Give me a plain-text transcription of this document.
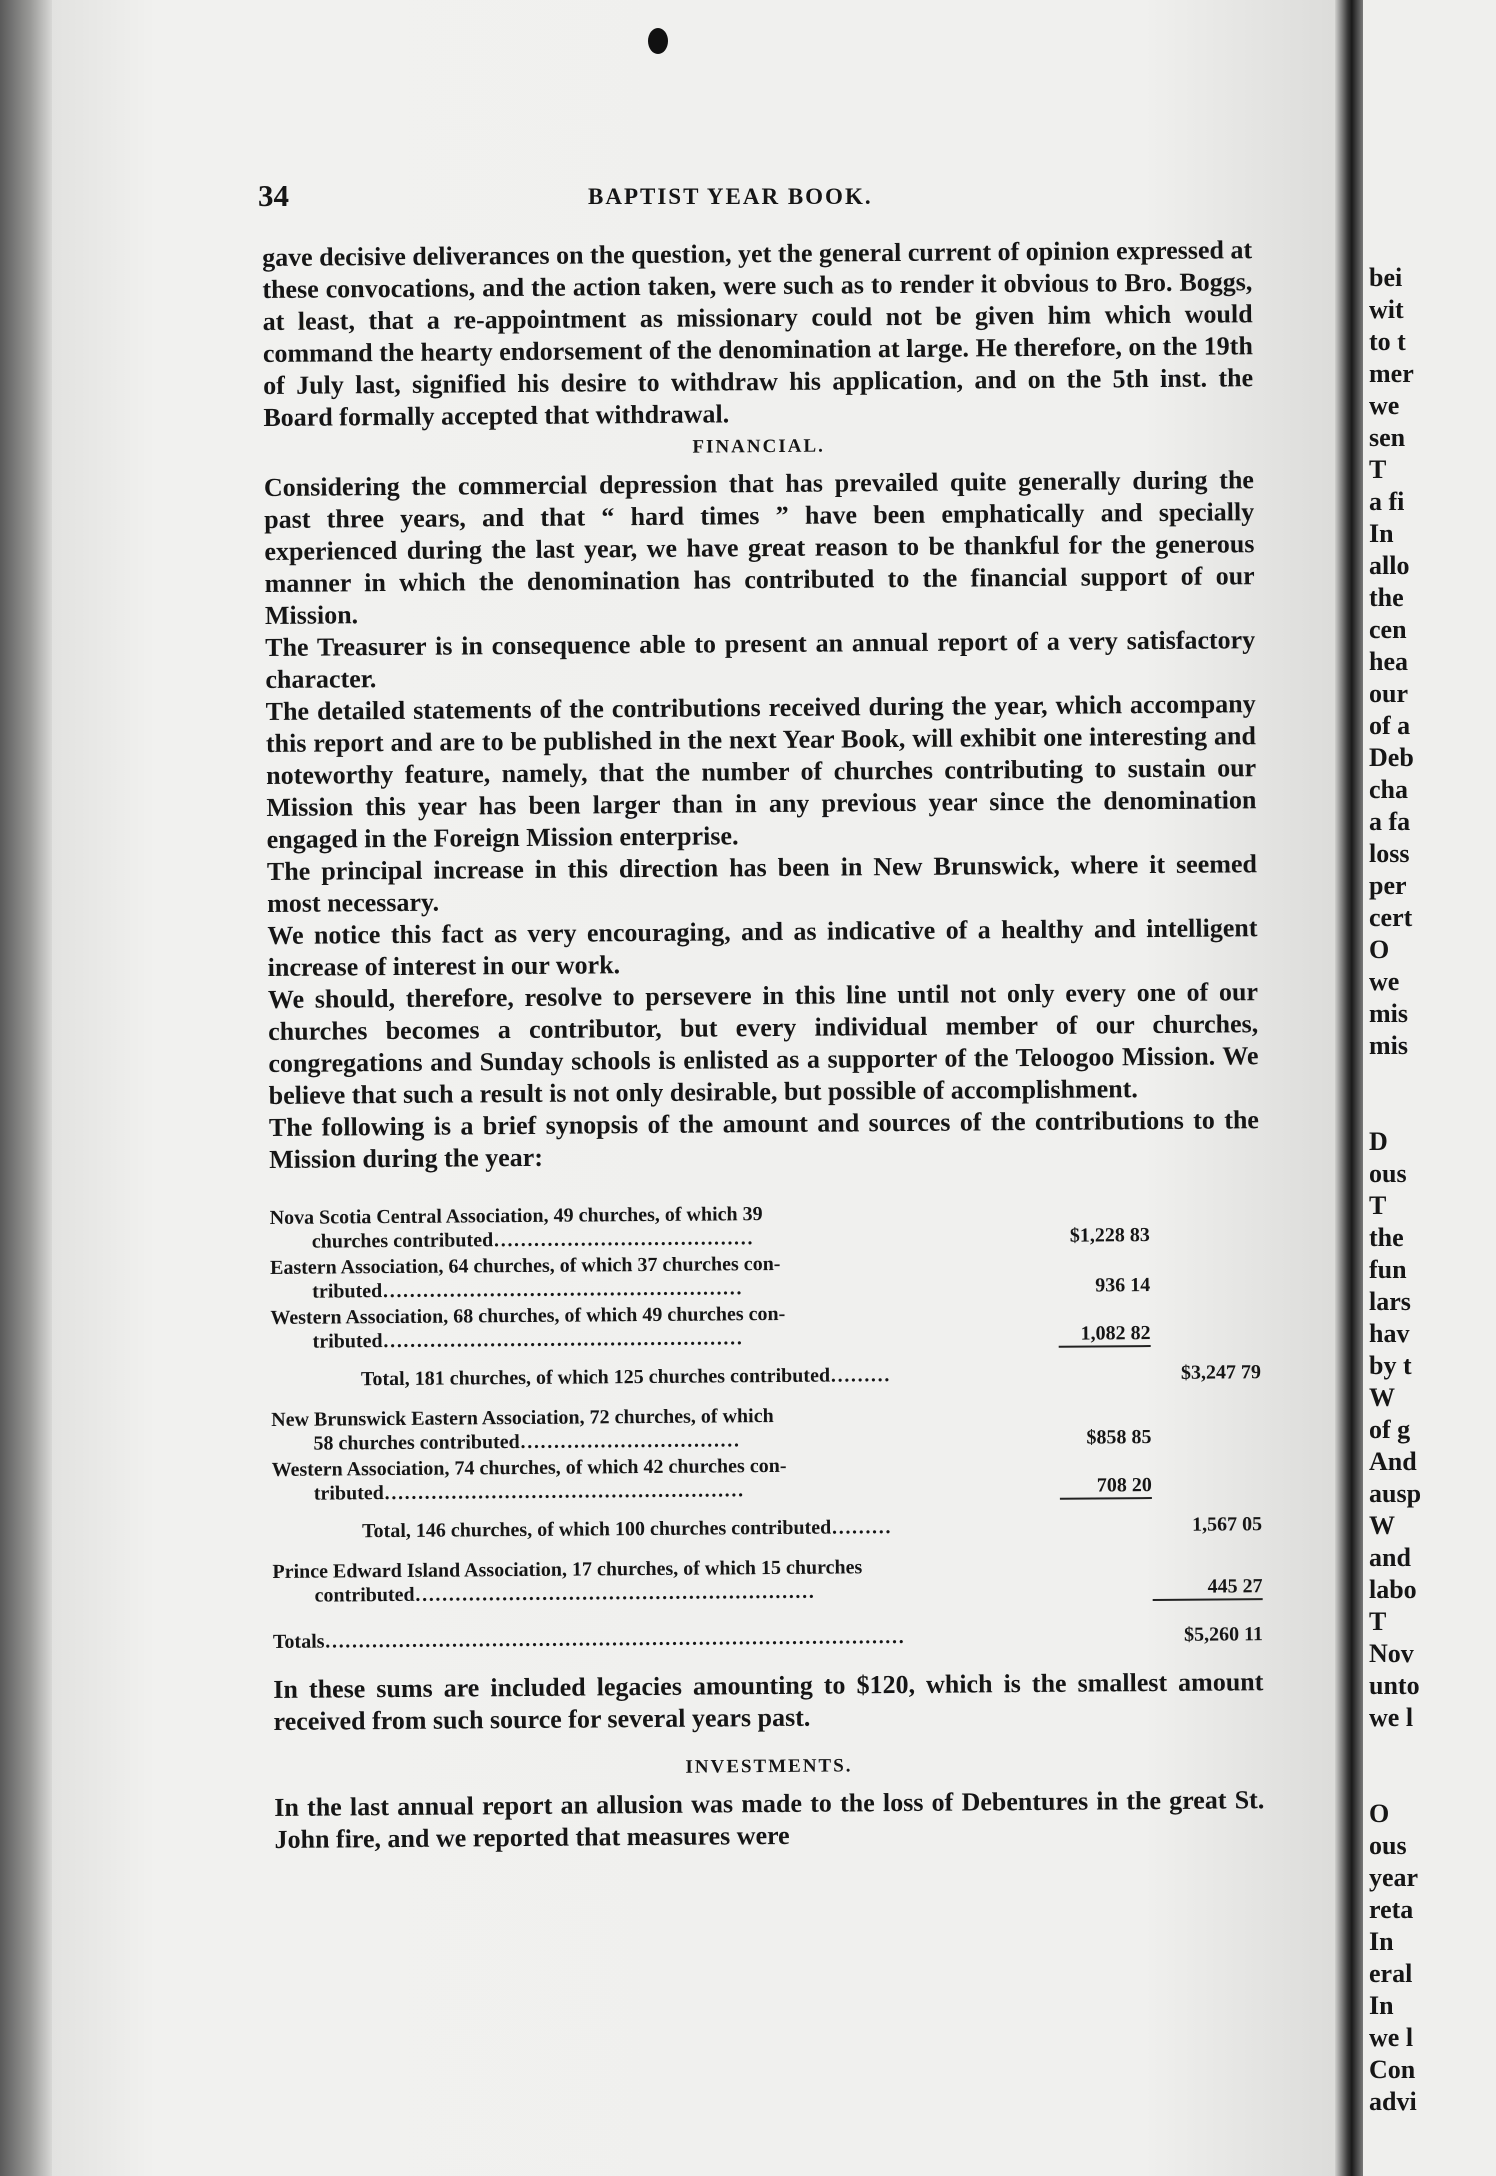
34	BAPTIST YEAR BOOK.

gave decisive deliverances on the question, yet the general current of opinion expressed at these convocations, and the action taken, were such as to render it obvious to Bro. Boggs, at least, that a re-appointment as missionary could not be given him which would command the hearty endorsement of the denomination at large. He therefore, on the 19th of July last, signified his desire to withdraw his application, and on the 5th inst. the Board formally accepted that withdrawal.

FINANCIAL.

Considering the commercial depression that has prevailed quite generally during the past three years, and that “ hard times ” have been emphatically and specially experienced during the last year, we have great reason to be thankful for the generous manner in which the denomination has contributed to the financial support of our Mission.

The Treasurer is in consequence able to present an annual report of a very satisfactory character.

The detailed statements of the contributions received during the year, which accompany this report and are to be published in the next Year Book, will exhibit one interesting and noteworthy feature, namely, that the number of churches contributing to sustain our Mission this year has been larger than in any previous year since the denomination engaged in the Foreign Mission enterprise.

The principal increase in this direction has been in New Brunswick, where it seemed most necessary.

We notice this fact as very encouraging, and as indicative of a healthy and intelligent increase of interest in our work.

We should, therefore, resolve to persevere in this line until not only every one of our churches becomes a contributor, but every individual member of our churches, congregations and Sunday schools is enlisted as a supporter of the Teloogoo Mission. We believe that such a result is not only desirable, but possible of accomplishment.

The following is a brief synopsis of the amount and sources of the contributions to the Mission during the year:

Nova Scotia Central Association, 49 churches, of which 39
churches contributed…………………………………	$1,228 83
Eastern Association, 64 churches, of which 37 churches con-
tributed………………………………………………	936 14
Western Association, 68 churches, of which 49 churches con-
tributed………………………………………………	1,082 82
Total, 181 churches, of which 125 churches contributed………	$3,247 79
New Brunswick Eastern Association, 72 churches, of which
58 churches contributed……………………………	$858 85
Western Association, 74 churches, of which 42 churches con-
tributed………………………………………………	708 20
Total, 146 churches, of which 100 churches contributed………	1,567 05
Prince Edward Island Association, 17 churches, of which 15 churches
contributed……………………………………………………	445 27
Totals……………………………………………………………………………	$5,260 11

In these sums are included legacies amounting to $120, which is the smallest amount received from such source for several years past.

INVESTMENTS.

In the last annual report an allusion was made to the loss of Debentures in the great St. John fire, and we reported that measures were

bei
wit
to t
mer
we
sen
T
a fi
In
allo
the
cen
hea
our
of a
Deb
cha
a fa
loss
per
cert
O
we
mis
mis
D
ous
T
the
fun
lars
hav
by t
W
of g
And
ausp
W
and
labo
T
Nov
unto
we l
O
ous
year
reta
In
eral
In
we l
Con
advi
